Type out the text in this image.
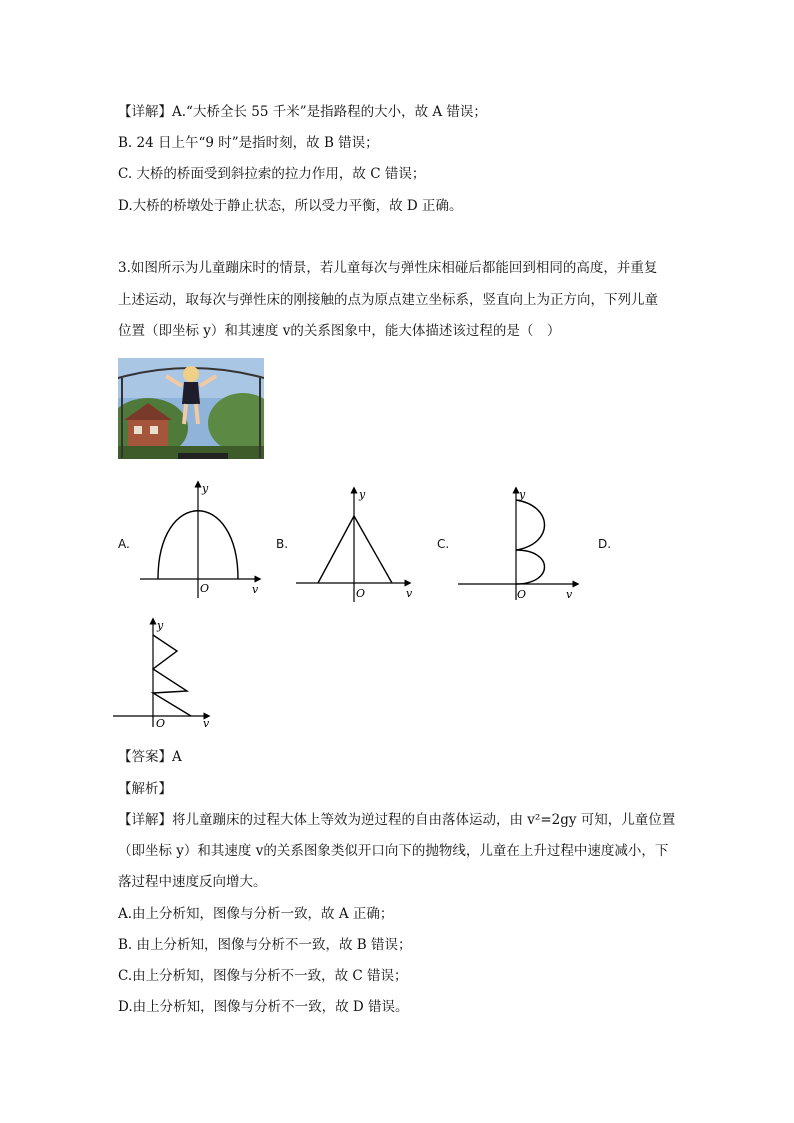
【详解】A.“大桥全长 55 千米”是指路程的大小，故 A 错误；
B. 24 日上午“9 时”是指时刻，故 B 错误；
C. 大桥的桥面受到斜拉索的拉力作用，故 C 错误；
D.大桥的桥墩处于静止状态，所以受力平衡，故 D 正确。
3.如图所示为儿童蹦床时的情景，若儿童每次与弹性床相碰后都能回到相同的高度，并重复
上述运动，取每次与弹性床的刚接触的点为原点建立坐标系，竖直向上为正方向，下列儿童
位置（即坐标 y）和其速度 v的关系图象中，能大体描述该过程的是（　）
A.	B.	C.	D.
y
v
O
y
v
O
y
v
O
y
v
O
【答案】A
【解析】
【详解】将儿童蹦床的过程大体上等效为逆过程的自由落体运动，由 v²=2gy 可知，儿童位置
（即坐标 y）和其速度 v的关系图象类似开口向下的抛物线，儿童在上升过程中速度减小，下
落过程中速度反向增大。
A.由上分析知，图像与分析一致，故 A 正确；
B. 由上分析知，图像与分析不一致，故 B 错误；
C.由上分析知，图像与分析不一致，故 C 错误；
D.由上分析知，图像与分析不一致，故 D 错误。
